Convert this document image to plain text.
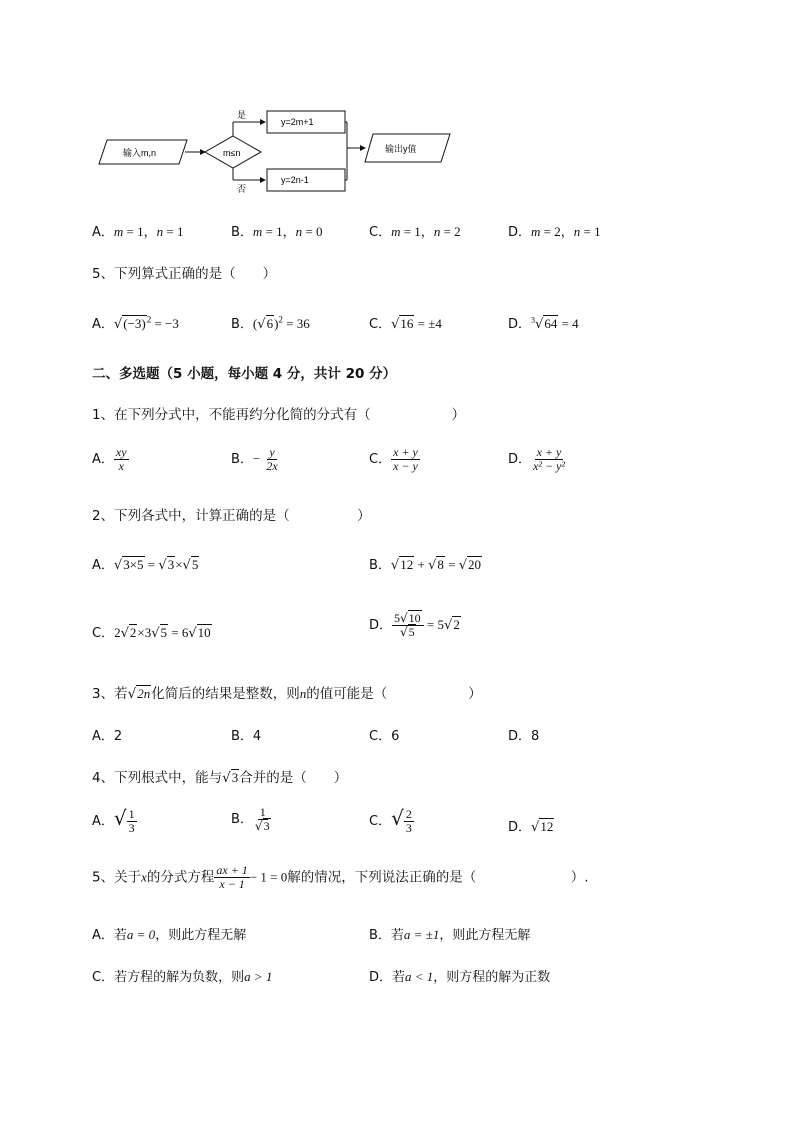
输入m,n	m≤n
是
否
y=2m+1
y=2n-1
输出y值
A．m = 1，n = 1	B．m = 1，n = 0	C．m = 1，n = 2	D．m = 2，n = 1
5、下列算式正确的是（　　）
A．$√(-3)^2 = -3$	B．$(√6)^2 = 36$	C．√16 = ±4	D．$^3$√64 = 4
二、多选题（5 小题，每小题 4 分，共计 20 分）
1、在下列分式中，不能再约分化简的分式有（　　　　　　）
A． $\frac{xy}{x}$	B．− $\frac{y}{2x}$	C． $\frac{x + y}{x - y}$	D． $\frac{x + y}{\text{x² − y²}}$
2、下列各式中，计算正确的是（　　　　　）
A．√3×5 = √3×√5	B．√12 + √8 = √20
C．2√2×3√5 = 6√10	D． $\frac{5√10}{√5} = 5√2$
3、若√2n化简后的结果是整数，则n的值可能是（　　　　　　）
A．2	B．4	C．6	D．8
4、下列根式中，能与√3合并的是（　　）
A．√ $\frac{1}{3}$	B． $\frac{1}{√3}$	C．√ $\frac{2}{3}$	D．√12
5、关于x的分式方程 $\frac{ax + 1}{x - 1} - 1 = 0$解的情况，下列说法正确的是（　　　　　　　）.
A．若a = 0，则此方程无解	B．若a = ±1，则此方程无解
C．若方程的解为负数，则a > 1	D．若a < 1，则方程的解为正数
